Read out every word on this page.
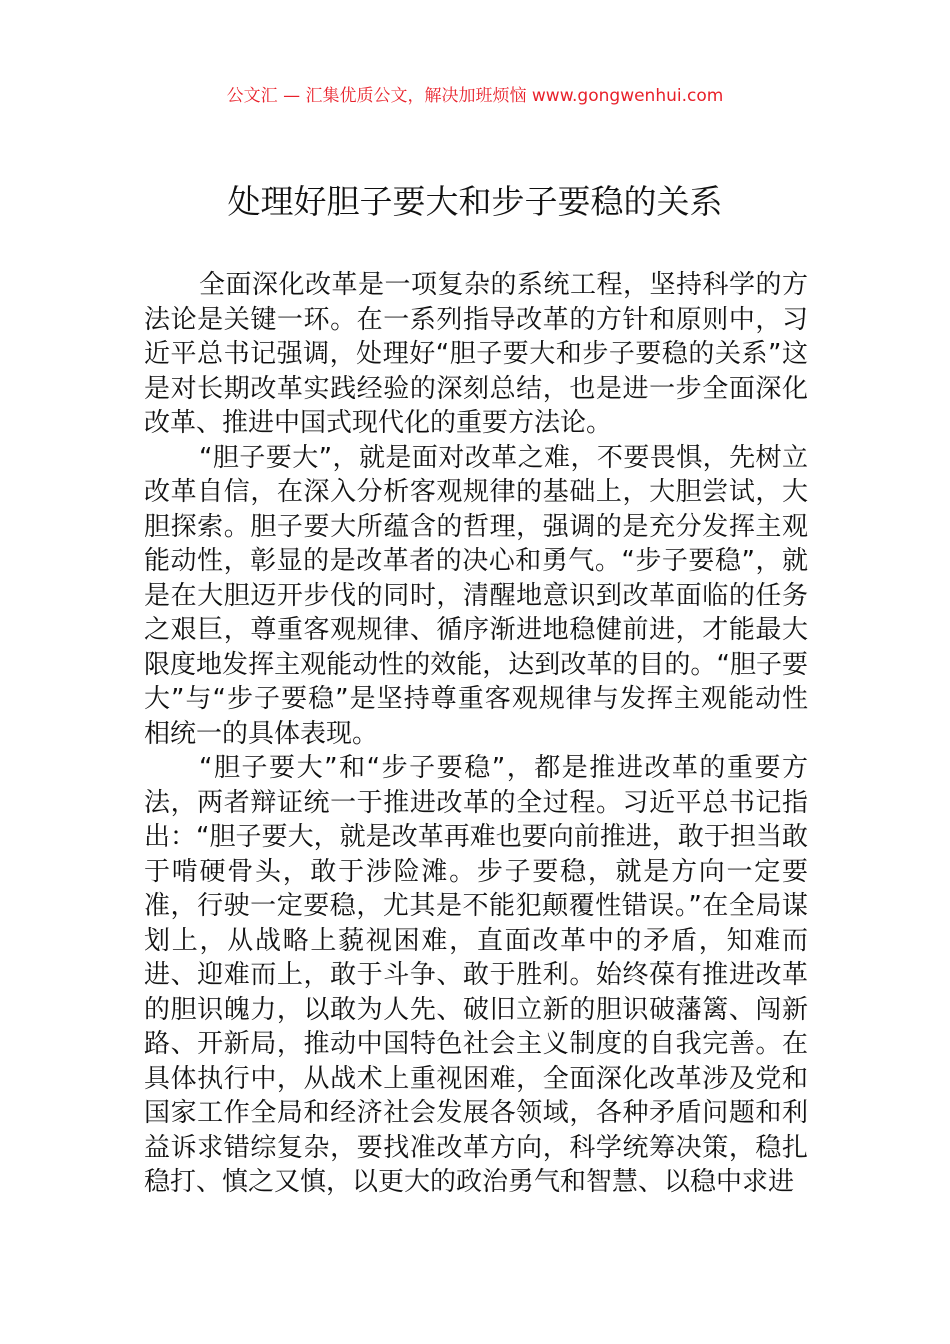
公文汇 — 汇集优质公文，解决加班烦恼 www.gongwenhui.com
处理好胆子要大和步子要稳的关系

全面深化改革是一项复杂的系统工程，坚持科学的方法论是关键一环。在一系列指导改革的方针和原则中，习近平总书记强调，处理好“胆子要大和步子要稳的关系”这是对长期改革实践经验的深刻总结，也是进一步全面深化改革、推进中国式现代化的重要方法论。

“胆子要大”，就是面对改革之难，不要畏惧，先树立改革自信，在深入分析客观规律的基础上，大胆尝试，大胆探索。胆子要大所蕴含的哲理，强调的是充分发挥主观能动性，彰显的是改革者的决心和勇气。“步子要稳”，就是在大胆迈开步伐的同时，清醒地意识到改革面临的任务之艰巨，尊重客观规律、循序渐进地稳健前进，才能最大限度地发挥主观能动性的效能，达到改革的目的。“胆子要大”与“步子要稳”是坚持尊重客观规律与发挥主观能动性相统一的具体表现。

“胆子要大”和“步子要稳”，都是推进改革的重要方法，两者辩证统一于推进改革的全过程。习近平总书记指出：“胆子要大，就是改革再难也要向前推进，敢于担当敢于啃硬骨头，敢于涉险滩。步子要稳，就是方向一定要准，行驶一定要稳，尤其是不能犯颠覆性错误。”在全局谋划上，从战略上藐视困难，直面改革中的矛盾，知难而进、迎难而上，敢于斗争、敢于胜利。始终葆有推进改革的胆识魄力，以敢为人先、破旧立新的胆识破藩篱、闯新路、开新局，推动中国特色社会主义制度的自我完善。在具体执行中，从战术上重视困难，全面深化改革涉及党和国家工作全局和经济社会发展各领域，各种矛盾问题和利益诉求错综复杂，要找准改革方向，科学统筹决策，稳扎稳打、慎之又慎，以更大的政治勇气和智慧、以稳中求进
